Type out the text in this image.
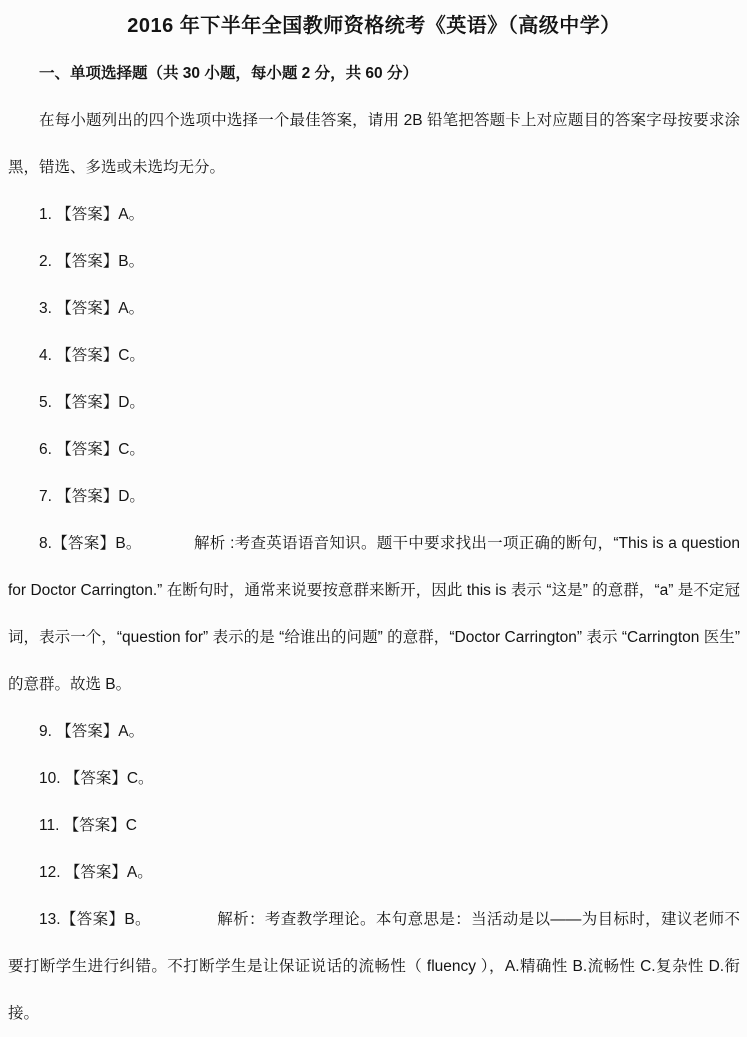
2016 年下半年全国教师资格统考《英语》（高级中学）

一、单项选择题（共 30 小题，每小题 2 分，共 60 分）

在每小题列出的四个选项中选择一个最佳答案，请用 2B 铅笔把答题卡上对应题目的答案字母按要求涂黑，错选、多选或未选均无分。

1. 【答案】A。

2. 【答案】B。

3. 【答案】A。

4. 【答案】C。

5. 【答案】D。

6. 【答案】C。

7. 【答案】D。

8.【答案】B。	解析 :考查英语语音知识。题干中要求找出一项正确的断句，“This is a question for Doctor Carrington.” 在断句时，通常来说要按意群来断开，因此 this is 表示 “这是” 的意群，“a” 是不定冠词，表示一个，“question for” 表示的是 “给谁出的问题” 的意群，“Doctor Carrington” 表示 “Carrington 医生” 的意群。故选 B。

9. 【答案】A。

10. 【答案】C。

11. 【答案】C

12. 【答案】A。

13.【答案】B。	解析：考查教学理论。本句意思是：当活动是以——为目标时，建议老师不要打断学生进行纠错。不打断学生是让保证说话的流畅性（ fluency ），A.精确性 B.流畅性 C.复杂性 D.衔接。
